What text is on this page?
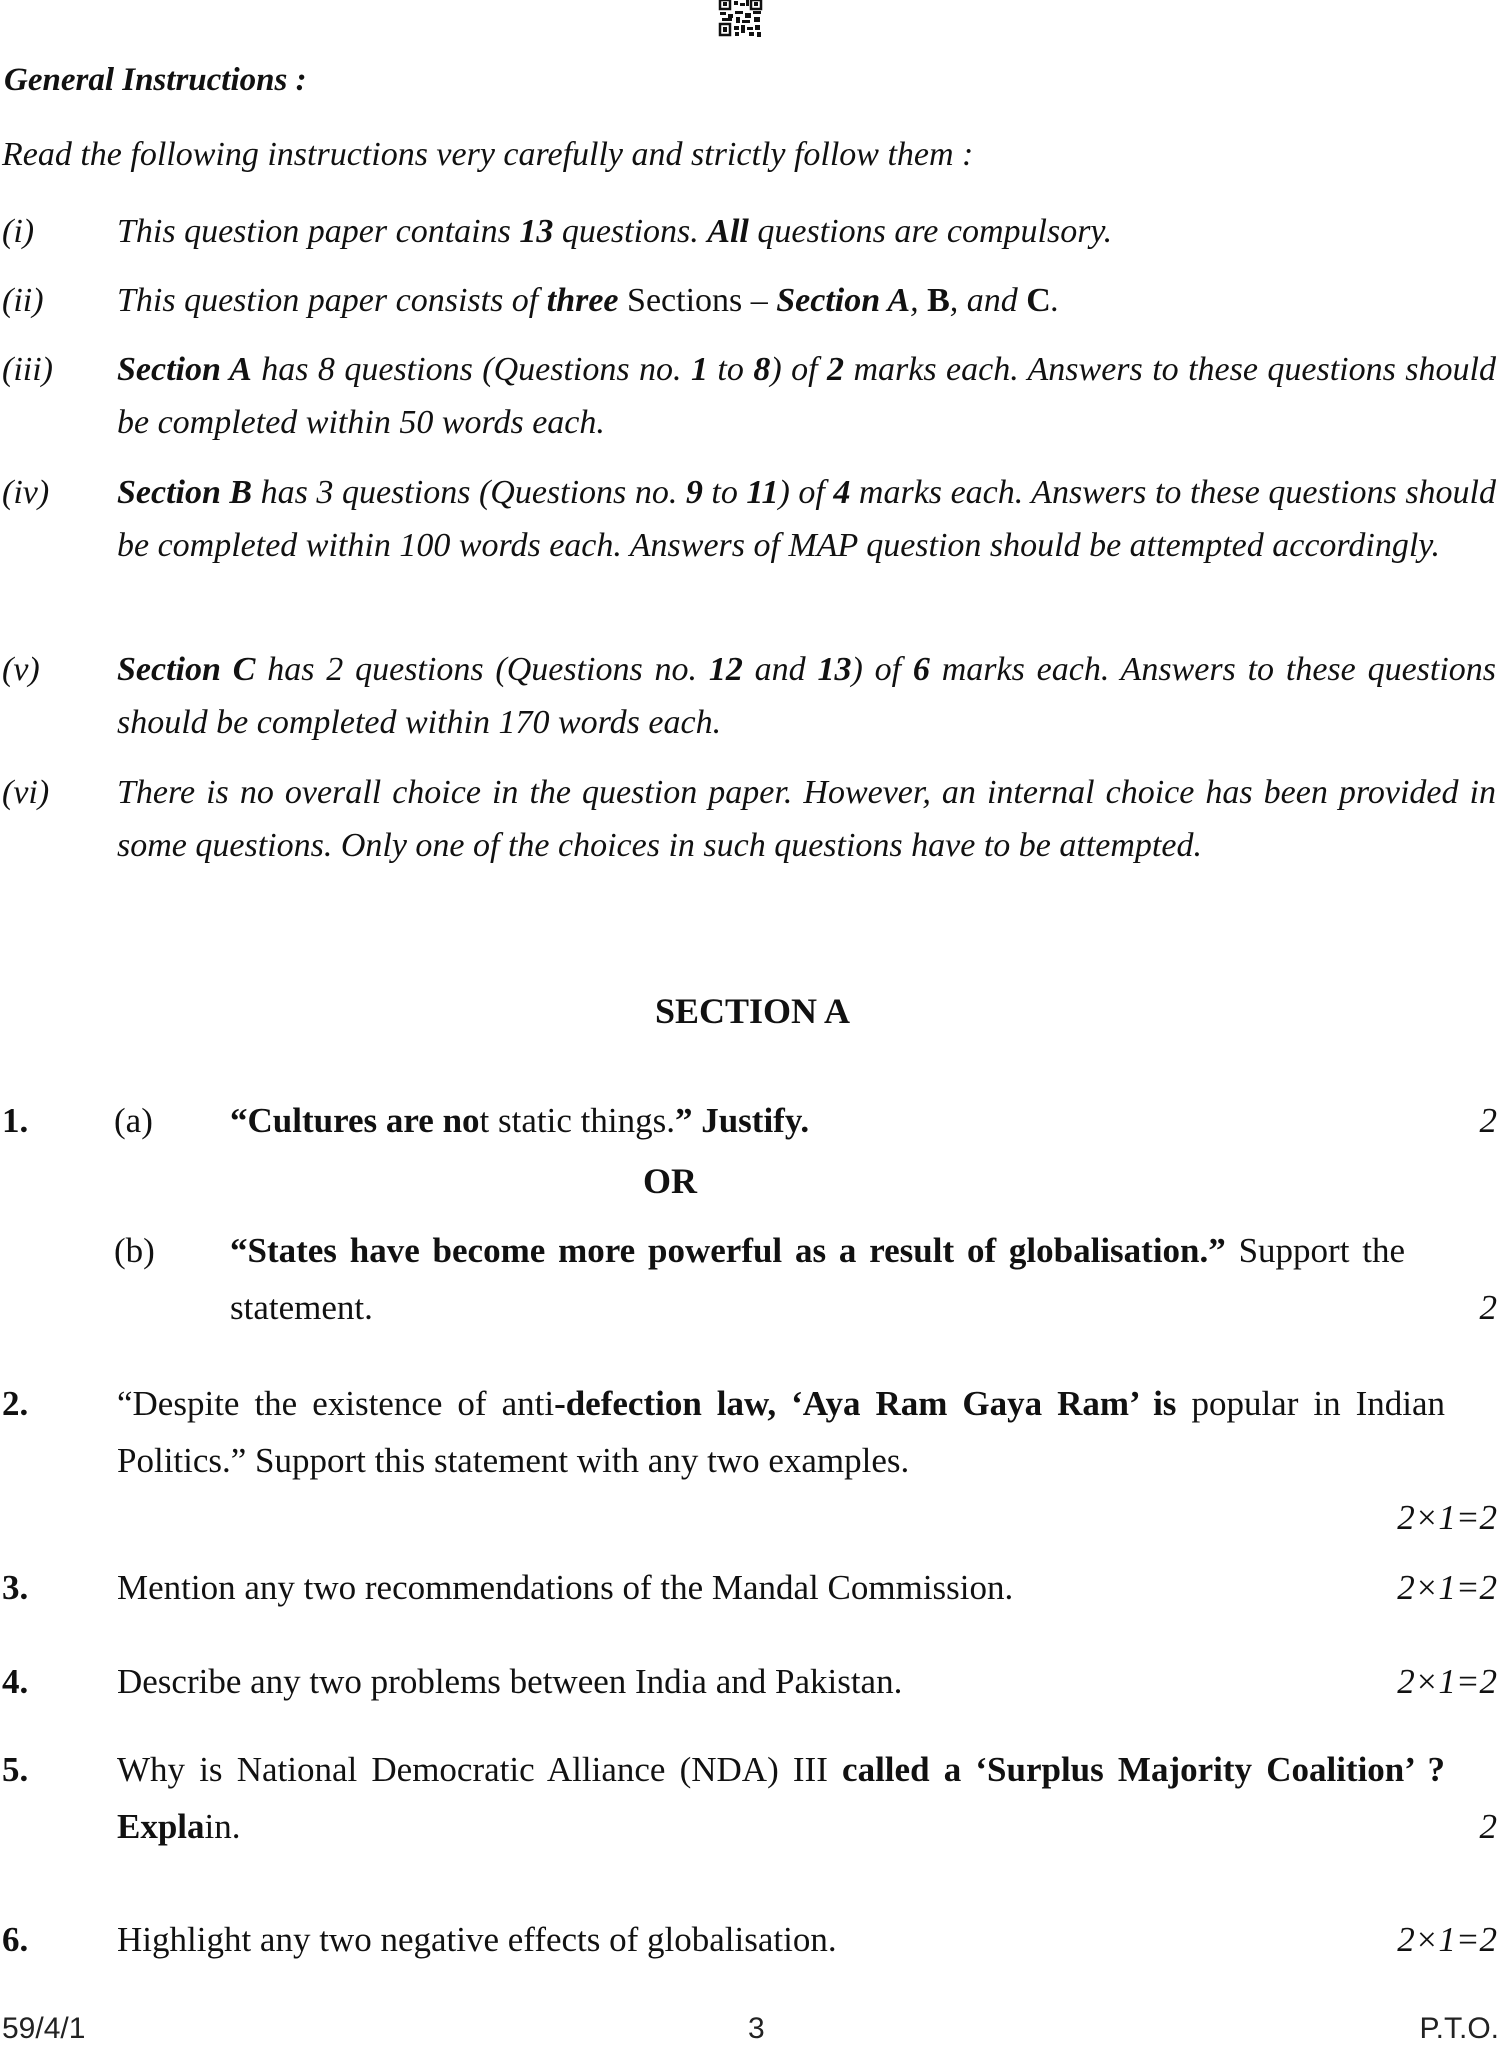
General Instructions :
Read the following instructions very carefully and strictly follow them :
(i) This question paper contains 13 questions. All questions are compulsory.
(ii) This question paper consists of three Sections – Section A, B, and C.
(iii) Section A has 8 questions (Questions no. 1 to 8) of 2 marks each. Answers to these questions should be completed within 50 words each.
(iv) Section B has 3 questions (Questions no. 9 to 11) of 4 marks each. Answers to these questions should be completed within 100 words each. Answers of MAP question should be attempted accordingly.
(v) Section C has 2 questions (Questions no. 12 and 13) of 6 marks each. Answers to these questions should be completed within 170 words each.
(vi) There is no overall choice in the question paper. However, an internal choice has been provided in some questions. Only one of the choices in such questions have to be attempted.
SECTION A
1. (a) “Cultures are not static things.” Justify.	2
OR
(b) “States have become more powerful as a result of globalisation.” Support the statement.	2
2.	“Despite the existence of anti-defection law, ‘Aya Ram Gaya Ram’ is popular in Indian Politics.” Support this statement with any two examples.
2×1=2
3.	Mention any two recommendations of the Mandal Commission.	2×1=2
4.	Describe any two problems between India and Pakistan.	2×1=2
5.	Why is National Democratic Alliance (NDA) III called a ‘Surplus Majority Coalition’ ? Explain.	2
6.	Highlight any two negative effects of globalisation.	2×1=2
59/4/1	3	P.T.O.
